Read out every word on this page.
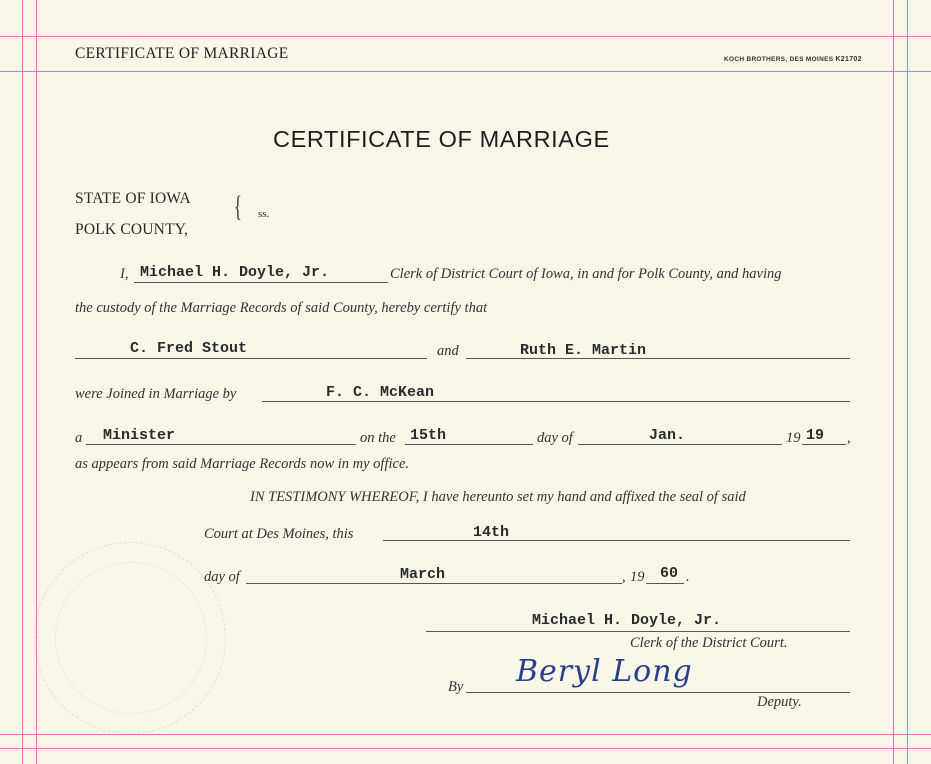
CERTIFICATE OF MARRIAGE	KOCH BROTHERS, DES MOINES K21702
CERTIFICATE OF MARRIAGE
STATE OF IOWA
POLK COUNTY,
{ ss.
I, Michael H. Doyle, Jr.	Clerk of District Court of Iowa, in and for Polk County, and having
the custody of the Marriage Records of said County, hereby certify that
C. Fred Stout	and	Ruth E. Martin
were Joined in Marriage by	F. C. McKean
a Minister	on the 15th	day of	Jan.	19 19 ,
as appears from said Marriage Records now in my office.
IN TESTIMONY WHEREOF, I have hereunto set my hand and affixed the seal of said
Court at Des Moines, this	14th
day of	March	, 19 60 .
Michael H. Doyle, Jr.
Clerk of the District Court.
By Beryl Long
Deputy.
